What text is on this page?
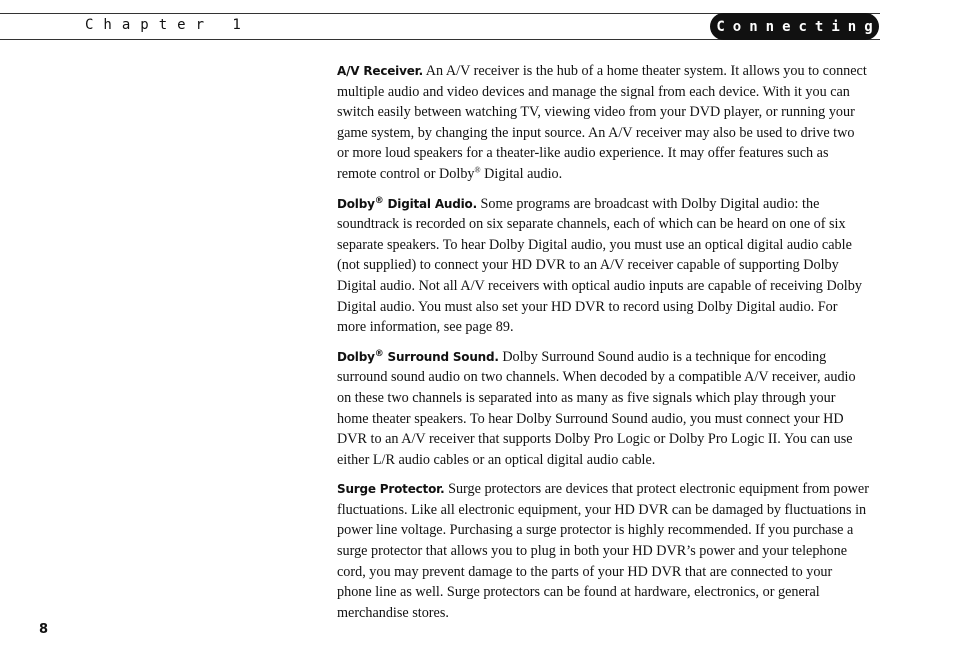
Chapter 1	Connecting

A/V Receiver. An A/V receiver is the hub of a home theater system. It allows you to connect multiple audio and video devices and manage the signal from each device. With it you can switch easily between watching TV, viewing video from your DVD player, or running your game system, by changing the input source. An A/V receiver may also be used to drive two or more loud speakers for a theater-like audio experience. It may offer features such as remote control or Dolby® Digital audio.

Dolby® Digital Audio. Some programs are broadcast with Dolby Digital audio: the soundtrack is recorded on six separate channels, each of which can be heard on one of six separate speakers. To hear Dolby Digital audio, you must use an optical digital audio cable (not supplied) to connect your HD DVR to an A/V receiver capable of supporting Dolby Digital audio. Not all A/V receivers with optical audio inputs are capable of receiving Dolby Digital audio. You must also set your HD DVR to record using Dolby Digital audio. For more information, see page 89.

Dolby® Surround Sound. Dolby Surround Sound audio is a technique for encoding surround sound audio on two channels. When decoded by a compatible A/V receiver, audio on these two channels is separated into as many as five signals which play through your home theater speakers. To hear Dolby Surround Sound audio, you must connect your HD DVR to an A/V receiver that supports Dolby Pro Logic or Dolby Pro Logic II. You can use either L/R audio cables or an optical digital audio cable.

Surge Protector. Surge protectors are devices that protect electronic equipment from power fluctuations. Like all electronic equipment, your HD DVR can be damaged by fluctuations in power line voltage. Purchasing a surge protector is highly recommended. If you purchase a surge protector that allows you to plug in both your HD DVR’s power and your telephone cord, you may prevent damage to the parts of your HD DVR that are connected to your phone line as well. Surge protectors can be found at hardware, electronics, or general merchandise stores.

8
